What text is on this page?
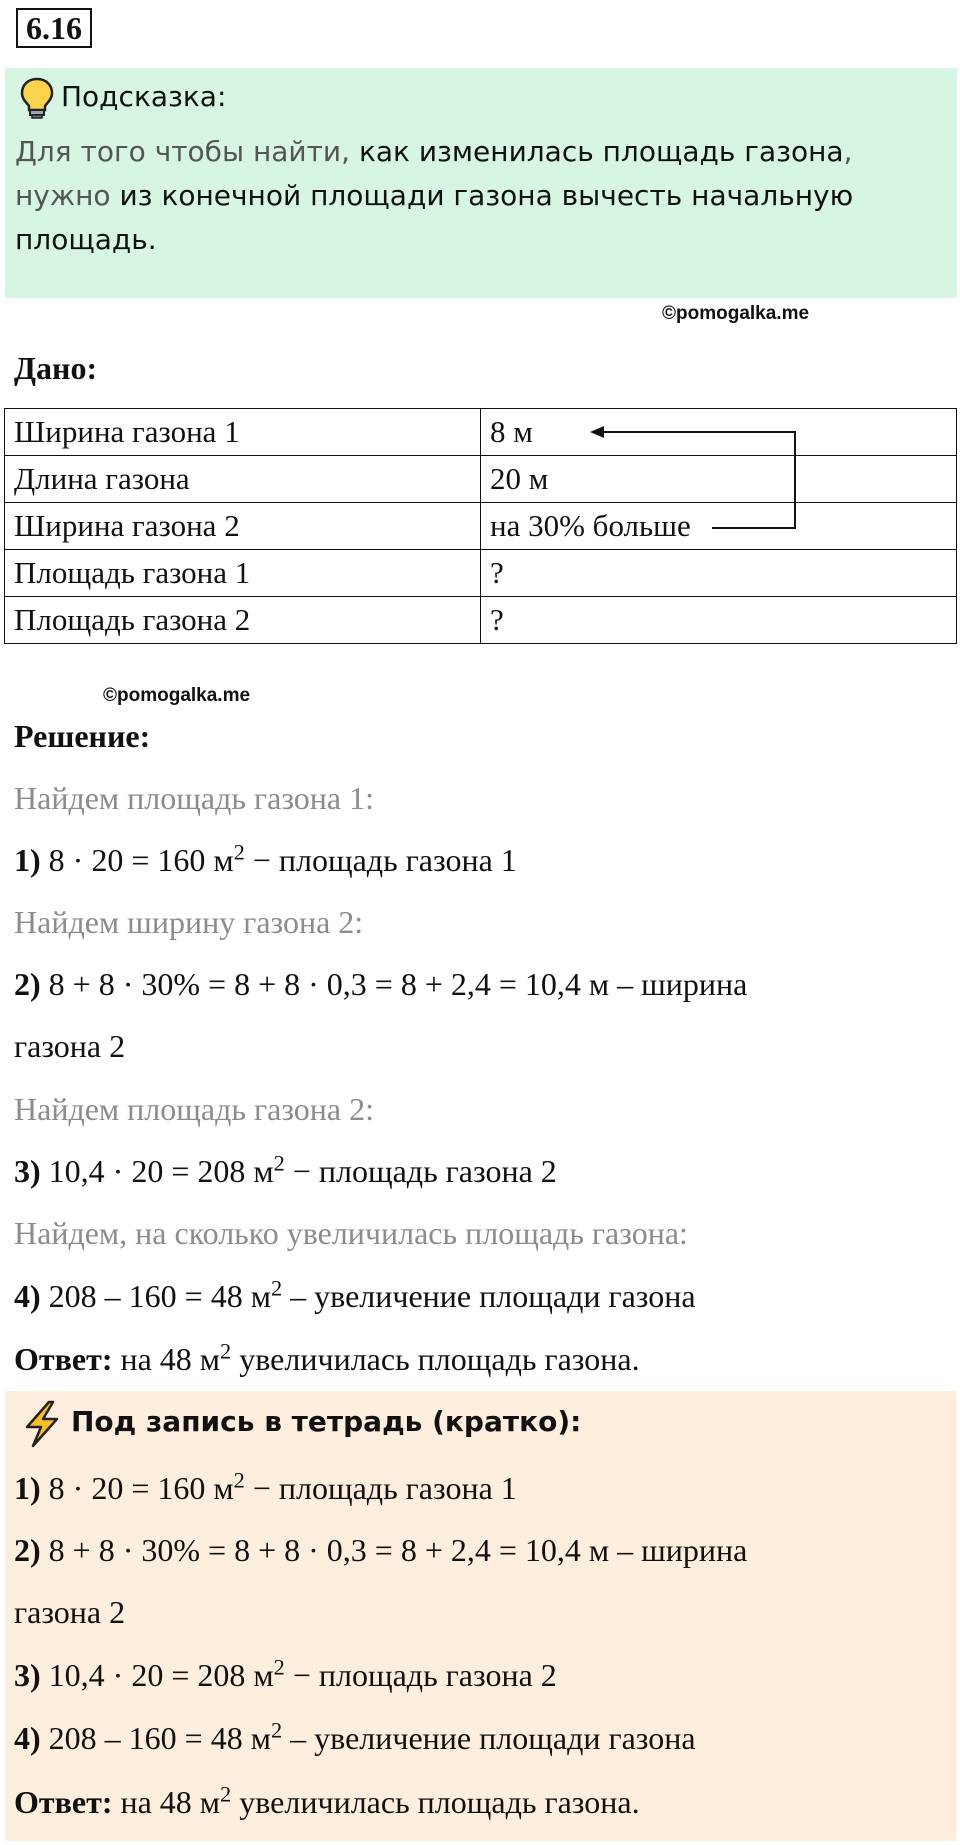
6.16
Подсказка:
Для того чтобы найти, как изменилась площадь газона, нужно из конечной площади газона вычесть начальную площадь.
©pomogalka.me
Дано:
Ширина газона 1	8 м
Длина газона	20 м
Ширина газона 2	на 30% больше
Площадь газона 1	?
Площадь газона 2	?
©pomogalka.me
Решение:
Найдем площадь газона 1:
1) 8 · 20 = 160 $м^2$ − площадь газона 1
Найдем ширину газона 2:
2) 8 + 8 · 30% = 8 + 8 · 0,3 = 8 + 2,4 = 10,4 м – ширина
газона 2
Найдем площадь газона 2:
3) 10,4 · 20 = 208 $м^2$ − площадь газона 2
Найдем, на сколько увеличилась площадь газона:
4) 208 – 160 = 48 $м^2$ – увеличение площади газона
Ответ: на 48 $м^2$ увеличилась площадь газона.
Под запись в тетрадь (кратко):
1) 8 · 20 = 160 $м^2$ − площадь газона 1
2) 8 + 8 · 30% = 8 + 8 · 0,3 = 8 + 2,4 = 10,4 м – ширина
газона 2
3) 10,4 · 20 = 208 $м^2$ − площадь газона 2
4) 208 – 160 = 48 $м^2$ – увеличение площади газона
Ответ: на 48 $м^2$ увеличилась площадь газона.
